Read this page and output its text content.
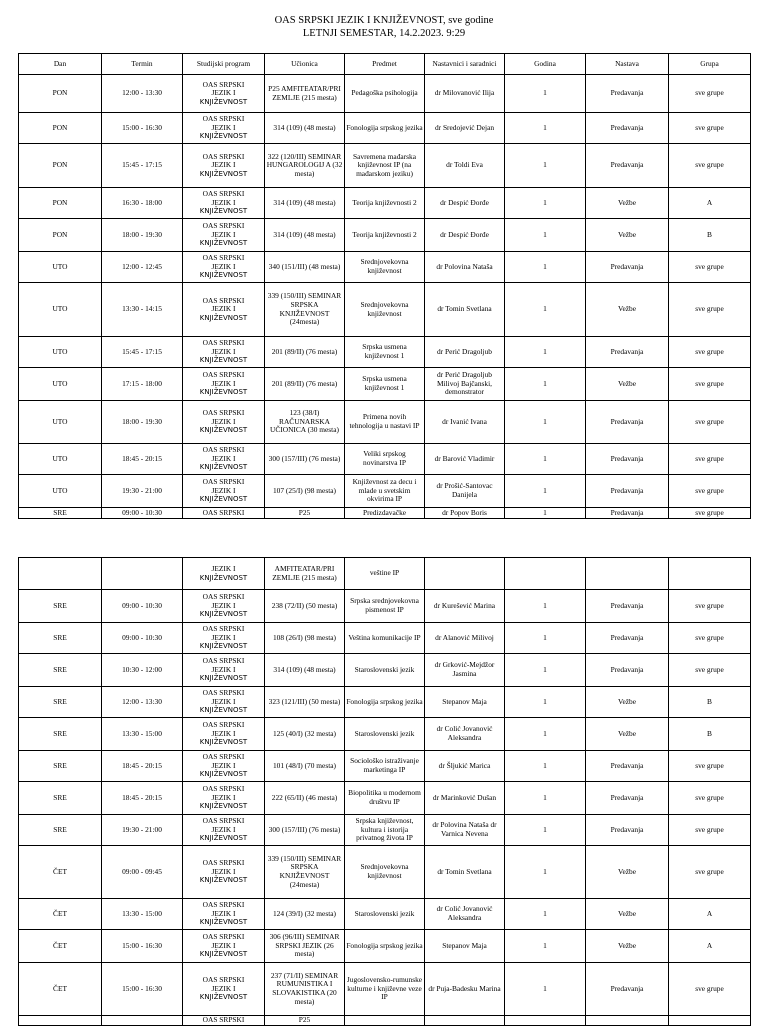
OAS SRPSKI JEZIK I KNJIŽEVNOST, sve godine
LETNJI SEMESTAR, 14.2.2023. 9:29
Dan	Termin	Studijski program	Učionica	Predmet	Nastavnici i saradnici	Godina	Nastava	Grupa
PON	12:00 - 13:30	OAS SRPSKI
JEZIK I
KNJIŽEVNOST	P25 AMFITEATAR/PRI ZEMLJE (215 mesta)	Pedagoška psihologija	dr Milovanović Ilija	1	Predavanja	sve grupe
PON	15:00 - 16:30	OAS SRPSKI
JEZIK I
KNJIŽEVNOST	314 (109) (48 mesta)	Fonologija srpskog jezika	dr Sredojević Dejan	1	Predavanja	sve grupe
PON	15:45 - 17:15	OAS SRPSKI
JEZIK I
KNJIŽEVNOST	322 (120/III) SEMINAR HUNGAROLOGIJ A (32 mesta)	Savremena mađarska književnost IP (na mađarskom jeziku)	dr Toldi Eva	1	Predavanja	sve grupe
PON	16:30 - 18:00	OAS SRPSKI
JEZIK I
KNJIŽEVNOST	314 (109) (48 mesta)	Teorija književnosti 2	dr Despić Đorđe	1	Vežbe	A
PON	18:00 - 19:30	OAS SRPSKI
JEZIK I
KNJIŽEVNOST	314 (109) (48 mesta)	Teorija književnosti 2	dr Despić Đorđe	1	Vežbe	B
UTO	12:00 - 12:45	OAS SRPSKI
JEZIK I
KNJIŽEVNOST	340 (151/III) (48 mesta)	Srednjovekovna književnost	dr Polovina Nataša	1	Predavanja	sve grupe
UTO	13:30 - 14:15	OAS SRPSKI
JEZIK I
KNJIŽEVNOST	339 (150/III) SEMINAR SRPSKA KNJIŽEVNOST (24mesta)	Srednjovekovna književnost	dr Tomin Svetlana	1	Vežbe	sve grupe
UTO	15:45 - 17:15	OAS SRPSKI
JEZIK I
KNJIŽEVNOST	201 (89/II) (76 mesta)	Srpska usmena književnost 1	dr Perić Dragoljub	1	Predavanja	sve grupe
UTO	17:15 - 18:00	OAS SRPSKI
JEZIK I
KNJIŽEVNOST	201 (89/II) (76 mesta)	Srpska usmena književnost 1	dr Perić Dragoljub Milivoj Bajčanski, demonstrator	1	Vežbe	sve grupe
UTO	18:00 - 19:30	OAS SRPSKI
JEZIK I
KNJIŽEVNOST	123 (38/I) RAČUNARSKA UČIONICA (30 mesta)	Primena novih tehnologija u nastavi IP	dr Ivanić Ivana	1	Predavanja	sve grupe
UTO	18:45 - 20:15	OAS SRPSKI
JEZIK I
KNJIŽEVNOST	300 (157/III) (76 mesta)	Veliki srpskog novinarstva IP	dr Barović Vladimir	1	Predavanja	sve grupe
UTO	19:30 - 21:00	OAS SRPSKI
JEZIK I
KNJIŽEVNOST	107 (25/I) (98 mesta)	Književnost za decu i mlade u svetskim okvirima IP	dr Prošić-Santovac Danijela	1	Predavanja	sve grupe
SRE	09:00 - 10:30	OAS SRPSKI	P25	Predizdavačke	dr Popov Boris	1	Predavanja	sve grupe

		JEZIK I
KNJIŽEVNOST	AMFITEATAR/PRI ZEMLJE (215 mesta)	veštine IP				
SRE	09:00 - 10:30	OAS SRPSKI
JEZIK I
KNJIŽEVNOST	238 (72/II) (50 mesta)	Srpska srednjovekovna pismenost IP	dr Kurešević Marina	1	Predavanja	sve grupe
SRE	09:00 - 10:30	OAS SRPSKI
JEZIK I
KNJIŽEVNOST	108 (26/I) (98 mesta)	Veština komunikacije IP	dr Alanović Milivoj	1	Predavanja	sve grupe
SRE	10:30 - 12:00	OAS SRPSKI
JEZIK I
KNJIŽEVNOST	314 (109) (48 mesta)	Staroslovenski jezik	dr Grković-Mejdžor Jasmina	1	Predavanja	sve grupe
SRE	12:00 - 13:30	OAS SRPSKI
JEZIK I
KNJIŽEVNOST	323 (121/III) (50 mesta)	Fonologija srpskog jezika	Stepanov Maja	1	Vežbe	B
SRE	13:30 - 15:00	OAS SRPSKI
JEZIK I
KNJIŽEVNOST	125 (40/I) (32 mesta)	Staroslovenski jezik	dr Colić Jovanović Aleksandra	1	Vežbe	B
SRE	18:45 - 20:15	OAS SRPSKI
JEZIK I
KNJIŽEVNOST	101 (48/I) (70 mesta)	Sociološko istraživanje marketinga IP	dr Šljukić Marica	1	Predavanja	sve grupe
SRE	18:45 - 20:15	OAS SRPSKI
JEZIK I
KNJIŽEVNOST	222 (65/II) (46 mesta)	Biopolitika u modernom društvu IP	dr Marinković Dušan	1	Predavanja	sve grupe
SRE	19:30 - 21:00	OAS SRPSKI
JEZIK I
KNJIŽEVNOST	300 (157/III) (76 mesta)	Srpska književnost, kultura i istorija privatnog života IP	dr Polovina Nataša dr Varnica Nevena	1	Predavanja	sve grupe
ČET	09:00 - 09:45	OAS SRPSKI
JEZIK I
KNJIŽEVNOST	339 (150/III) SEMINAR SRPSKA KNJIŽEVNOST (24mesta)	Srednjovekovna književnost	dr Tomin Svetlana	1	Vežbe	sve grupe
ČET	13:30 - 15:00	OAS SRPSKI
JEZIK I
KNJIŽEVNOST	124 (39/I) (32 mesta)	Staroslovenski jezik	dr Colić Jovanović Aleksandra	1	Vežbe	A
ČET	15:00 - 16:30	OAS SRPSKI
JEZIK I
KNJIŽEVNOST	306 (96/III) SEMINAR SRPSKI JEZIK (26 mesta)	Fonologija srpskog jezika	Stepanov Maja	1	Vežbe	A
ČET	15:00 - 16:30	OAS SRPSKI
JEZIK I
KNJIŽEVNOST	237 (71/II) SEMINAR RUMUNISTIKA I SLOVAKISTIKA (20 mesta)	Jugoslovensko-rumunske kulturne i književne veze IP	dr Puja-Badesku Marina	1	Predavanja	sve grupe

		OAS SRPSKI	P25					
